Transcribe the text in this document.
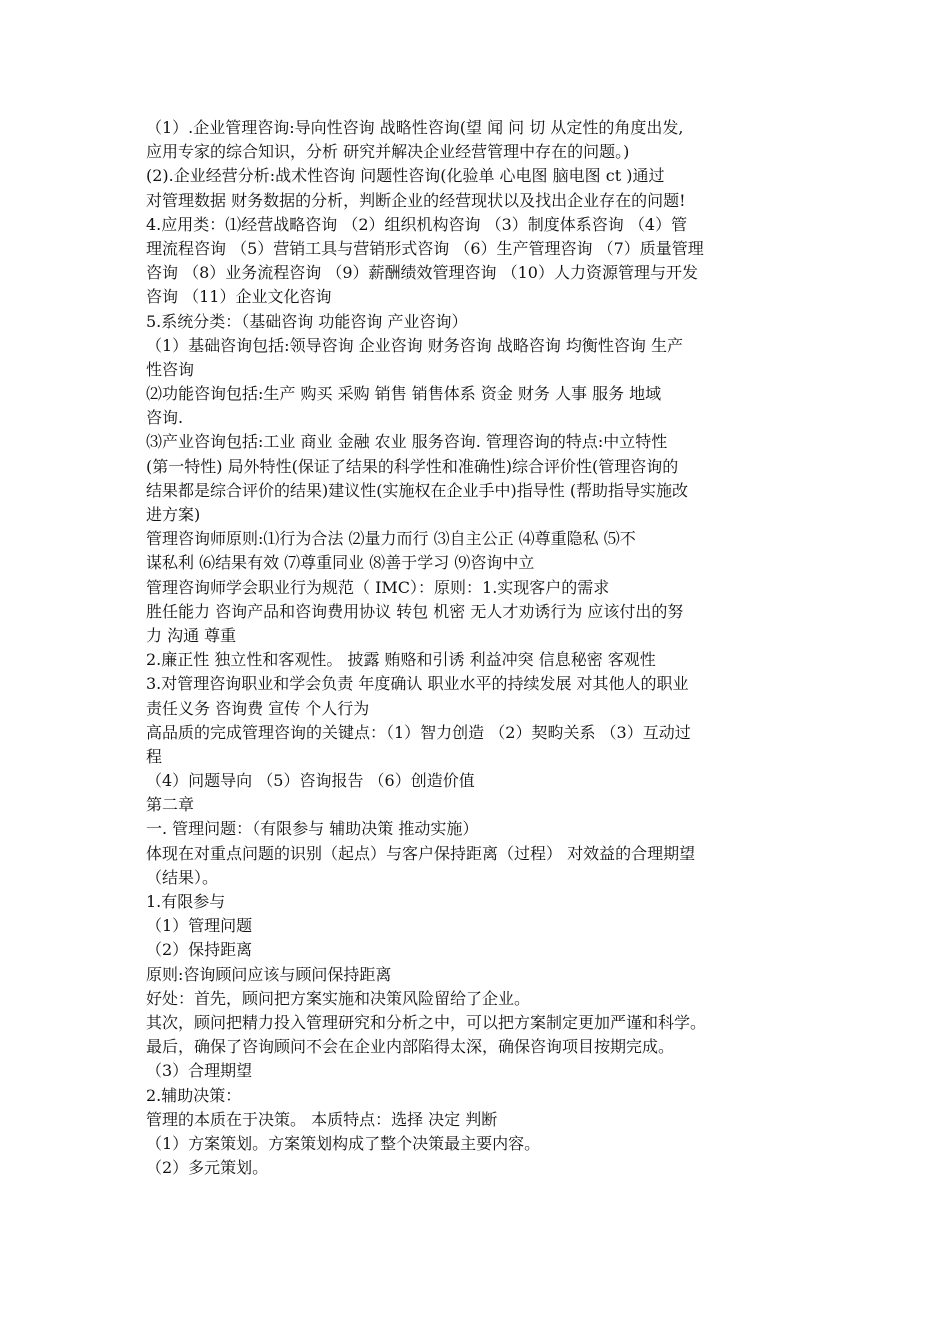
（1）.企业管理咨询:导向性咨询 战略性咨询(望 闻 问 切 从定性的角度出发,
应用专家的综合知识，分析 研究并解决企业经营管理中存在的问题。)
(2).企业经营分析:战术性咨询 问题性咨询(化验单 心电图 脑电图 ct )通过
对管理数据 财务数据的分析，判断企业的经营现状以及找出企业存在的问题!
4.应用类：⑴经营战略咨询 （2）组织机构咨询 （3）制度体系咨询 （4）管
理流程咨询 （5）营销工具与营销形式咨询 （6）生产管理咨询 （7）质量管理
咨询 （8）业务流程咨询 （9）薪酬绩效管理咨询 （10）人力资源管理与开发
咨询 （11）企业文化咨询
5.系统分类：（基础咨询 功能咨询 产业咨询）
（1）基础咨询包括:领导咨询 企业咨询 财务咨询 战略咨询 均衡性咨询 生产
性咨询
⑵功能咨询包括:生产 购买 采购 销售 销售体系 资金 财务 人事 服务 地域
咨询.
⑶产业咨询包括:工业 商业 金融 农业 服务咨询. 管理咨询的特点:中立特性
(第一特性) 局外特性(保证了结果的科学性和准确性)综合评价性(管理咨询的
结果都是综合评价的结果)建议性(实施权在企业手中)指导性 (帮助指导实施改
进方案)
管理咨询师原则:⑴行为合法 ⑵量力而行 ⑶自主公正 ⑷尊重隐私 ⑸不
谋私利 ⑹结果有效 ⑺尊重同业 ⑻善于学习 ⑼咨询中立
管理咨询师学会职业行为规范（ IMC）：原则：1.实现客户的需求
胜任能力 咨询产品和咨询费用协议 转包 机密 无人才劝诱行为 应该付出的努
力 沟通 尊重
2.廉正性 独立性和客观性。 披露 贿赂和引诱 利益冲突 信息秘密 客观性
3.对管理咨询职业和学会负责 年度确认 职业水平的持续发展 对其他人的职业
责任义务 咨询费 宣传 个人行为
高品质的完成管理咨询的关键点：（1）智力创造 （2）契畇关系 （3）互动过
程
（4）问题导向 （5）咨询报告 （6）创造价值
第二章
一. 管理问题：（有限参与 辅助决策 推动实施）
体现在对重点问题的识别（起点）与客户保持距离（过程） 对效益的合理期望
（结果）。
1.有限参与
（1）管理问题
（2）保持距离
原则:咨询顾问应该与顾问保持距离
好处：首先，顾问把方案实施和决策风险留给了企业。
其次，顾问把精力投入管理研究和分析之中，可以把方案制定更加严谨和科学。
最后，确保了咨询顾问不会在企业内部陷得太深，确保咨询项目按期完成。
（3）合理期望
2.辅助决策：
管理的本质在于决策。 本质特点：选择 决定 判断
（1）方案策划。方案策划构成了整个决策最主要内容。
（2）多元策划。
